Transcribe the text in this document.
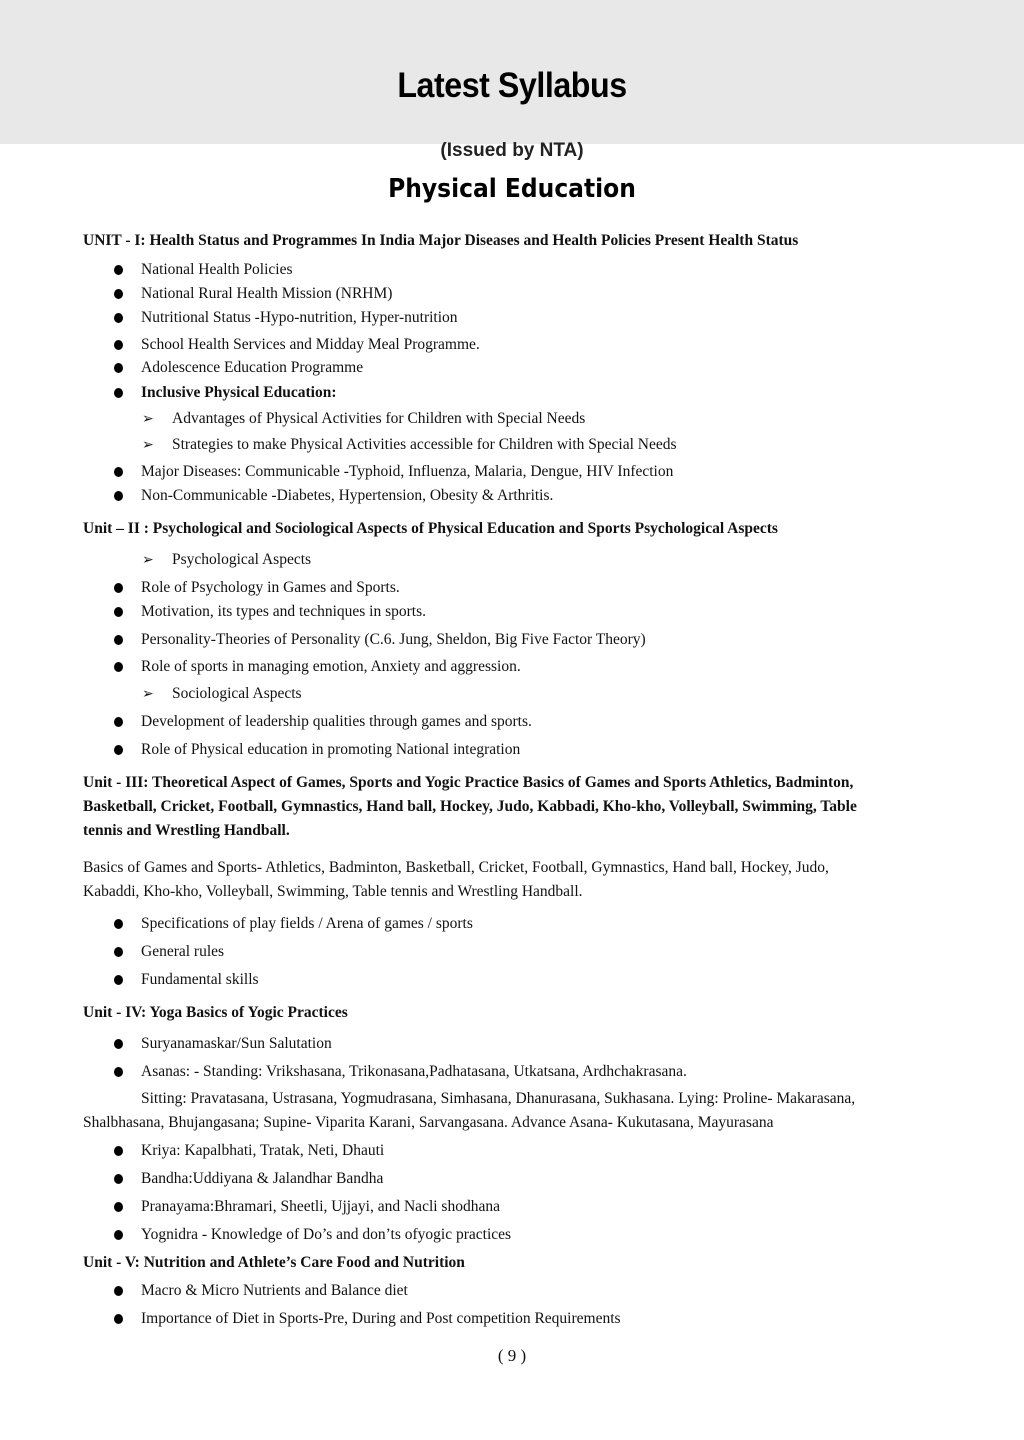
Latest Syllabus
(Issued by NTA)
Physical Education
UNIT - I: Health Status and Programmes In India Major Diseases and Health Policies Present Health Status
National Health Policies
National Rural Health Mission (NRHM)
Nutritional Status -Hypo-nutrition, Hyper-nutrition
School Health Services and Midday Meal Programme.
Adolescence Education Programme
Inclusive Physical Education:
➢ Advantages of Physical Activities for Children with Special Needs
➢ Strategies to make Physical Activities accessible for Children with Special Needs
Major Diseases: Communicable -Typhoid, Influenza, Malaria, Dengue, HIV Infection
Non-Communicable -Diabetes, Hypertension, Obesity & Arthritis.
Unit – II : Psychological and Sociological Aspects of Physical Education and Sports Psychological Aspects
➢ Psychological Aspects
Role of Psychology in Games and Sports.
Motivation, its types and techniques in sports.
Personality-Theories of Personality (C.6. Jung, Sheldon, Big Five Factor Theory)
Role of sports in managing emotion, Anxiety and aggression.
➢ Sociological Aspects
Development of leadership qualities through games and sports.
Role of Physical education in promoting National integration
Unit - III: Theoretical Aspect of Games, Sports and Yogic Practice Basics of Games and Sports Athletics, Badminton,
Basketball, Cricket, Football, Gymnastics, Hand ball, Hockey, Judo, Kabbadi, Kho-kho, Volleyball, Swimming, Table
tennis and Wrestling Handball.
Basics of Games and Sports- Athletics, Badminton, Basketball, Cricket, Football, Gymnastics, Hand ball, Hockey, Judo,
Kabaddi, Kho-kho, Volleyball, Swimming, Table tennis and Wrestling Handball.
Specifications of play fields / Arena of games / sports
General rules
Fundamental skills
Unit - IV: Yoga Basics of Yogic Practices
Suryanamaskar/Sun Salutation
Asanas: - Standing: Vrikshasana, Trikonasana,Padhatasana, Utkatsana, Ardhchakrasana.
Sitting: Pravatasana, Ustrasana, Yogmudrasana, Simhasana, Dhanurasana, Sukhasana. Lying: Proline- Makarasana,
Shalbhasana, Bhujangasana; Supine- Viparita Karani, Sarvangasana. Advance Asana- Kukutasana, Mayurasana
Kriya: Kapalbhati, Tratak, Neti, Dhauti
Bandha:Uddiyana & Jalandhar Bandha
Pranayama:Bhramari, Sheetli, Ujjayi, and Nacli shodhana
Yognidra - Knowledge of Do’s and don’ts ofyogic practices
Unit - V: Nutrition and Athlete’s Care Food and Nutrition
Macro & Micro Nutrients and Balance diet
Importance of Diet in Sports-Pre, During and Post competition Requirements
( 9 )
